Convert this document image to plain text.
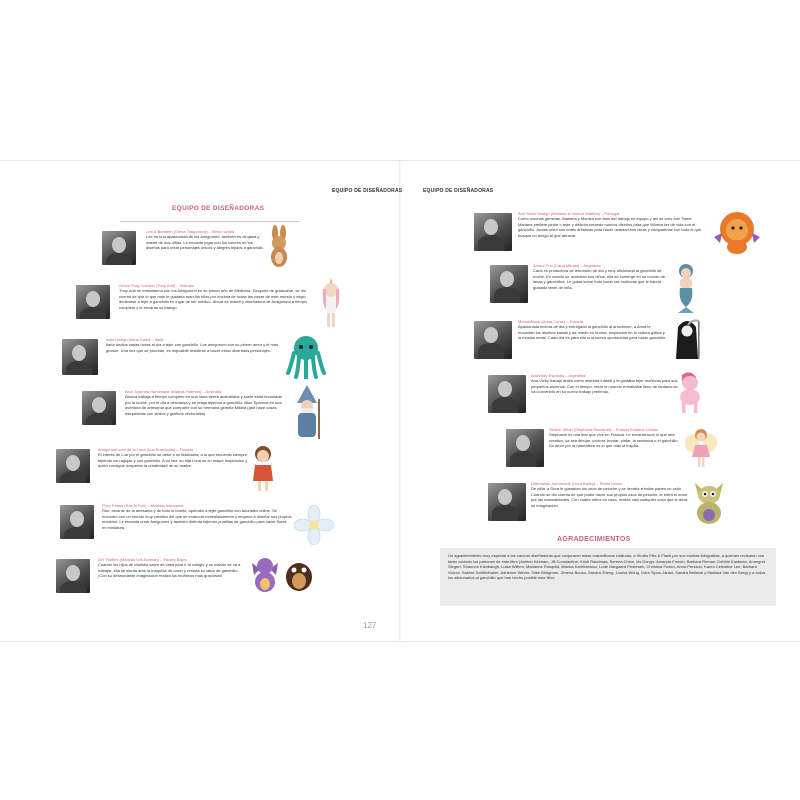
EQUIPO DE DISEÑADORAS	EQUIPO DE DISEÑADORAS
EQUIPO DE DISEÑADORAS
Lee & Bomben (Olena Tarapolova) – Reino Unido
Lee es una apasionada de los Amigurumi, también es cirujana y madre de dos niñas. Le encanta jugar con los colores en los diseños para crear personajes únicos y alegres tejidos a ganchillo.
Green Frog Crochet (Thuy Anh) – Vietnam
Thuy Anh se entusiasmó con los Amigurumi en su primer año de Medicina. Después de graduarse, se dio cuenta de que lo que más le gustaba eran los hilos por encima de todas las cosas de este mundo y eligió dedicarse a tejer a ganchillo en lugar de ser médico. Ahora es madre y diseñadora de Amigurumi a tiempo completo y le encanta su trabajo.
Ariel Design (Ilaria Caliri) – Italia
Ilaria dedica varias horas al día a tejer con ganchillo. Los amigurumi son su primer amor y el más grande. Una vez que se prueban, es imposible resistirse a hacer estos divertidos personajes.
Blue Sparrow Handmade (Bianca Flatman) – Australia
Bianca trabaja a tiempo completo en una línea aérea australiana y suele estar levantada por la noche, por el día a descansa y se relaja tejiendo a ganchillo. Blue Sparrow es una aventura de artesanía que comparte con su hermana gemela Mikela (que hace cosas estupendas con vinilos y gráficos vectoriales).
Amigurumi.com de la Luna (Lúa Brambrilla) – Francia
El interés de Lúa por el ganchillo se debe a su bisabuela, a la que recuerda siempre tejiendo con agujas y con ganchillo. A su vez, su hija Luna es su mayor inspiración y quien consigue despertar la creatividad de su madre.
Pichi Pearls (Rue N Koh) – Malasia Indonesia
Rue, amante de la artesanía y de todo lo bonito, aprendió a tejer ganchillo con tutoriales online. Se encontró con un mundo muy creativo del que se enamoró inmediatamente y empezó a diseñar sus propios modelos. Le encanta crear Amigurumi y también disfruta tejiendo puntillas de ganchillo para hacer flores en miniatura.
DIY Fluffies (Mariska Vos-Bolman) – Países Bajos
Cuando los hijos de Mariska salen de casa para ir al colegio y su marido se va a trabajar, ella se sienta ante la máquina de coser y retoma su labor de ganchillo. ¡Con su desbordante imaginación realiza los muñecos más graciosos!
127
Ami Twins Design (Mariana & Mónica Martins) – Portugal
Como muchas gemelas, Mariana y Mónica son fans del trabajo en equipo y así se creó Ami Twins. Mariana prefiere pintar o tejer y disfruta creando nuevos diseños para que Mónica les dé vida con el ganchillo. Juntas unen sus dotes artísticas para hacer realidad sus ideas y compartirlas con todo el que busque un amigo al que abrazar.
Amour Fou (Carla Mitrani) – Argentina
Carla es productora de televisión de día y muy aficionada al ganchillo de noche. En cuanto se acuestan sus niños, ella se sumerge en su mundo de lanas y ganchillos. Le gusta sobre todo hacer las muñecas que le habría gustado tener de niña.
MonokiNook (Anna Corse) – Francia
Apasionada lectora de día y entregada al ganchillo al anochecer, a Anna le encantan los diseños kawaii y de miedo en broma, inspirados en la cultura gótica y la música metal. Cada día es para ella una nueva oportunidad para hacer ganchillo.
AnaVicky Espósito – Argentina
Ana Vicky trabajó antes como maestra infantil y le gustaba tejer muñecos para sus pequeños alumnos. Con el tiempo, crear un mundo entrañable lleno de fantasía se ha convertido en su nuevo trabajo preferido.
Sinbrin Stitch (Stephanie Boulanet) – Francia Estados Unidos
Stephanie es una kiwi que vive en Francia. Le encanta todo lo que sea creativo, ya sea dibujar, cocinar, bordar, pintar, la cerámica o el ganchillo. Su amor por la naturaleza es lo que más la inspira.
Littleowlsa_handmade (Dora Bailey) – Reino Unido
De niña, a Dora le gustaban los osos de peluche y se llevaba a todas partes un osito. Cuando se dio cuenta de que podía hacer sus propios osos de peluche, le entró el amor por las manualidades. Con cuatro niños en casa, realiza casi cualquier cosa que le dicta su imaginación.
AGRADECIMIENTOS
Un agradecimiento muy especial a las caroros diseñadoras que conjuraron estas maravillosas criaturas, a Studio Flits & Flash por sus bonitas fotografías, a quienes revisaron con tanto cuidado los patrones de este libro (Ashton Kirkham, Jill Constantine, Kristi Randmaa, Serena Chew, Iris Dongo, Amanda French, Barbara Reman, Debbie Eastman, Annegret Siegert, Shannon Kishbaugh, Luisa Willem, Marianne Rosqvist, Bianka Karelkiewicz, Lotte Nørgaard Pedersen, Christina Foden, Anna Persson, Karen Celestine Lee, Barbara Vidcov, Sabine Schiffelhuber, Adrienne Weber, Silke Bridgman, Jimena Bouso, Sandra Zheng, Louisa Wong, Dóra Sipos-Járási, Sandra Bellecal y Mariska Van den Berg) y a todos los aficionados al ganchillo que han hecho posible este libro.
